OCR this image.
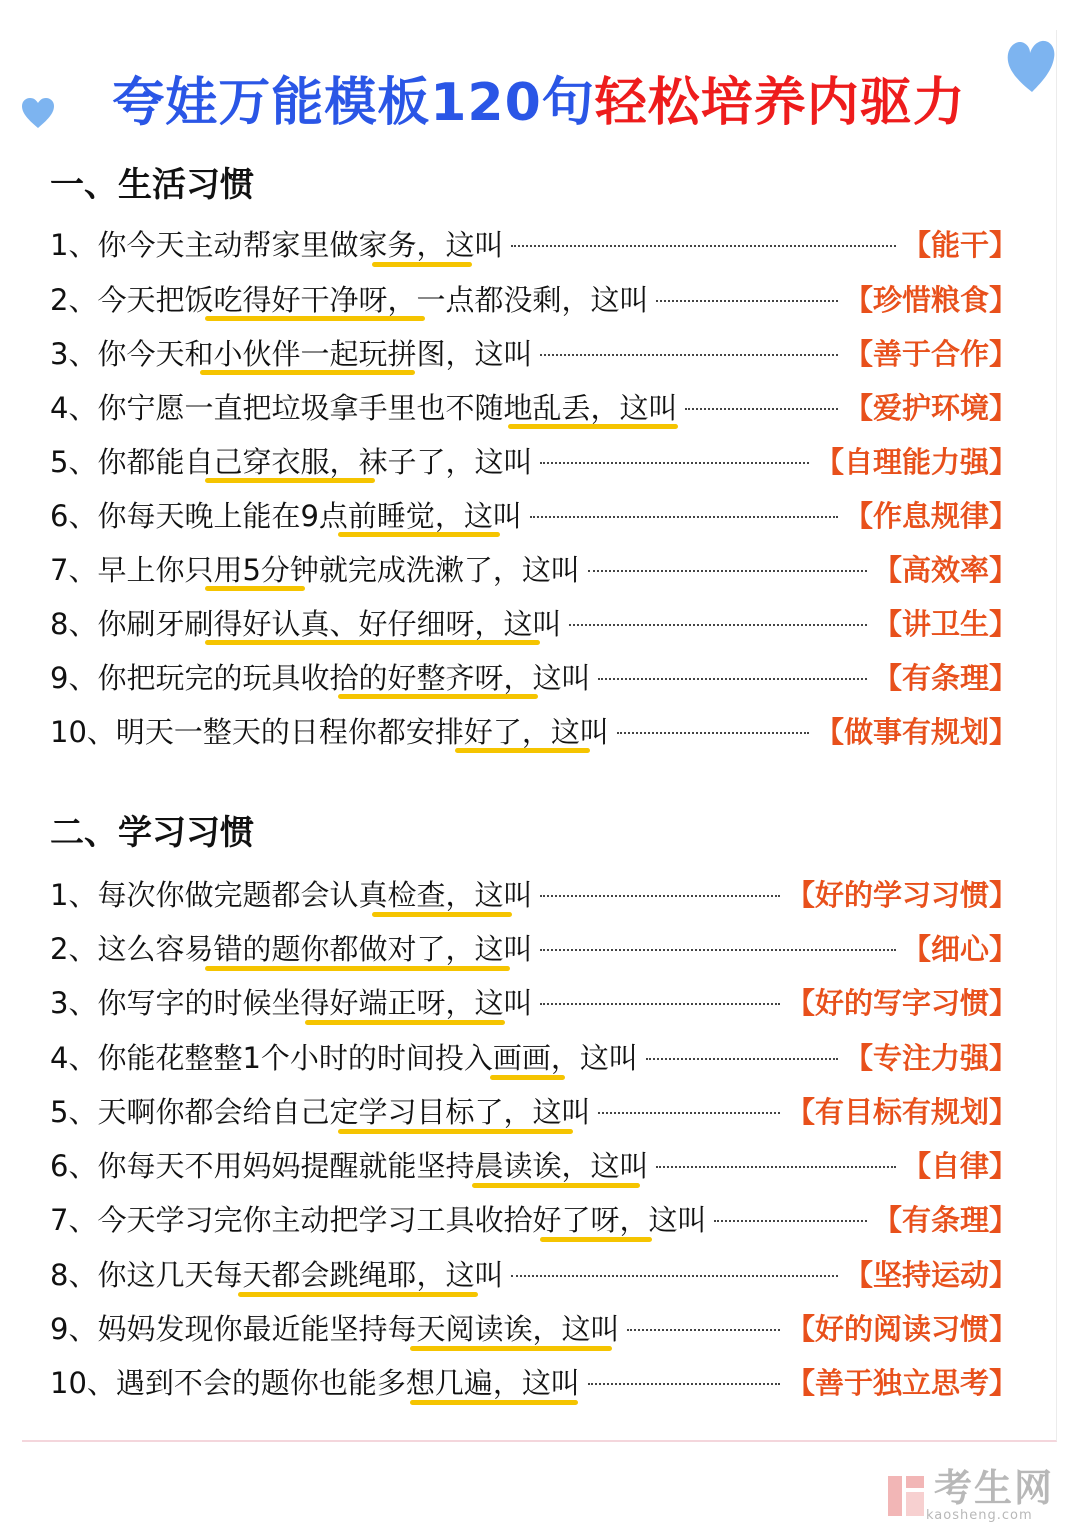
夸娃万能模板120句轻松培养内驱力
一、生活习惯
1、 你今天主动帮家里做家务，这叫	【能干】
2、 今天把饭吃得好干净呀，一点都没剩，这叫	【珍惜粮食】
3、 你今天和小伙伴一起玩拼图，这叫	【善于合作】
4、 你宁愿一直把垃圾拿手里也不随地乱丢，这叫	【爱护环境】
5、 你都能自己穿衣服，袜子了，这叫	【自理能力强】
6、 你每天晚上能在9点前睡觉，这叫	【作息规律】
7、 早上你只用5分钟就完成洗漱了，这叫	【高效率】
8、 你刷牙刷得好认真、好仔细呀，这叫	【讲卫生】
9、 你把玩完的玩具收拾的好整齐呀，这叫	【有条理】
10、 明天一整天的日程你都安排好了，这叫	【做事有规划】
二、学习习惯
1、 每次你做完题都会认真检查，这叫	【好的学习习惯】
2、 这么容易错的题你都做对了，这叫	【细心】
3、 你写字的时候坐得好端正呀，这叫	【好的写字习惯】
4、 你能花整整1个小时的时间投入画画，这叫	【专注力强】
5、 天啊你都会给自己定学习目标了，这叫	【有目标有规划】
6、 你每天不用妈妈提醒就能坚持晨读诶，这叫	【自律】
7、 今天学习完你主动把学习工具收拾好了呀，这叫	【有条理】
8、 你这几天每天都会跳绳耶，这叫	【坚持运动】
9、 妈妈发现你最近能坚持每天阅读诶，这叫	【好的阅读习惯】
10、 遇到不会的题你也能多想几遍，这叫	【善于独立思考】
考生网
kaosheng.com
